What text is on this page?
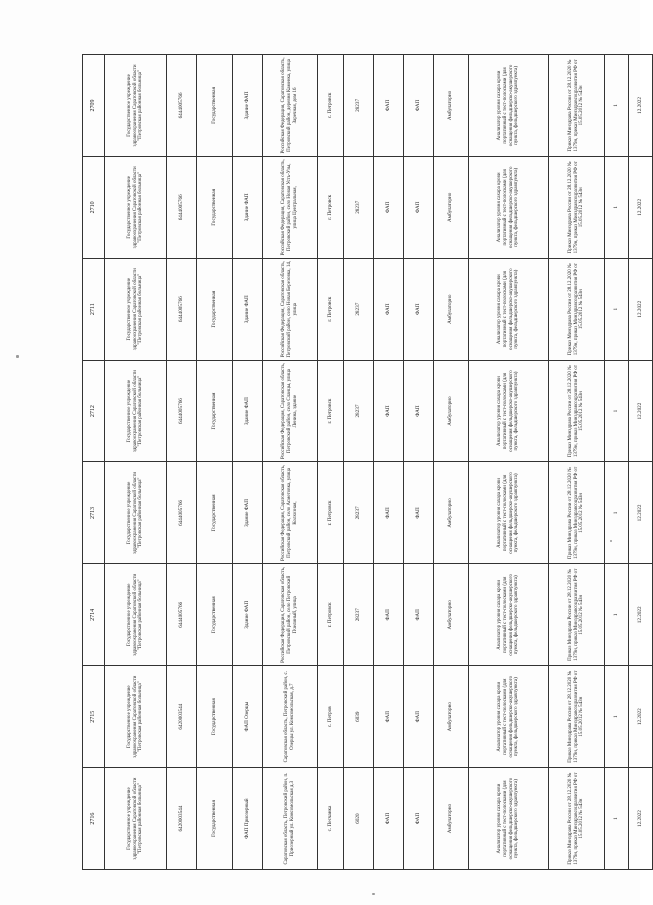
2716	2715	2714	2713	2712	2711	2710	2709
Государственное учреждение здравоохранения Саратовской области "Петровская районная больница"	Государственное учреждение здравоохранения Саратовской области "Петровская районная больница"	Государственное учреждение здравоохранения Саратовской области "Петровская районная больница"	Государственное учреждение здравоохранения Саратовской области "Петровская районная больница"	Государственное учреждение здравоохранения Саратовской области "Петровская районная больница"	Государственное учреждение здравоохранения Саратовской области "Петровская районная больница"	Государственное учреждение здравоохранения Саратовской области "Петровская районная больница"	Государственное учреждение здравоохранения Саратовской области "Петровская районная больница"
6420003544	6420003544	6444005766	6444005766	6444005766	6444005766	6444005766	6444005766
Государственная	Государственная	Государственная	Государственная	Государственная	Государственная	Государственная	Государственная
ФАП Приозерный	ФАП Озерцы	Здание ФАП	Здание ФАП	Здание ФАП	Здание ФАП	Здание ФАП	Здание ФАП
Саратовская область, Петровский район, п. Приозерный ул. Комсомольская д.3	Саратовская область, Петровский район, с. Озерцы ул. Комсомольская, д.7	Российская Федерация, Саратовская область, Петровский район, село Петровский Пчелиный, улица	Российская Федерация, Саратовская область, Петровский район, село Асметовка, улица Колхозная,	Российская Федерация, Саратовская область, Петровский район, село Сланцы, улица Ленина, здание	Российская Федерация, Саратовская область, Петровский район, село Новая Березовка, 14, улица	Российская Федерация, Саратовская область, Петровский район, село Новая Усть-Узы, улица Центральная,	Российская Федерация, Саратовская область, Петровский район, деревня Каменка, улица Заречная, дом 16
с. Песчанка	с. Петров	г. Петровск	г. Петровск	г. Петровск	г. Петровск	г. Петровск	с. Петровск
6020	6039	28237	28237	28237	28237	28237	28237
ФАП	ФАП	ФАП	ФАП	ФАП	ФАП	ФАП	ФАП
ФАП	ФАП	ФАП	ФАП	ФАП	ФАП	ФАП	ФАП
Амбулаторно	Амбулаторно	Амбулаторно	Амбулаторно	Амбулаторно	Амбулаторно	Амбулаторно	Амбулаторно
Анализатор уровня сахара крови портативный с тест-полосками (для оснащения фельдшерско-акушерского пункта, фельдшерского здравпункта)	Анализатор уровня сахара крови портативный с тест-полосками (для оснащения фельдшерско-акушерского пункта, фельдшерского здравпункта)	Анализатор уровня сахара крови портативный с тест-полосками (для оснащения фельдшерско-акушерского пункта, фельдшерского здравпункта)	Анализатор уровня сахара крови портативный с тест-полосками (для оснащения фельдшерско-акушерского пункта, фельдшерского здравпункта)	Анализатор уровня сахара крови портативный с тест-полосками (для оснащения фельдшерско-акушерского пункта, фельдшерского здравпункта)	Анализатор уровня сахара крови портативный с тест-полосками (для оснащения фельдшерско-акушерского пункта, фельдшерского здравпункта)	Анализатор уровня сахара крови портативный с тест-полосками (для оснащения фельдшерско-акушерского пункта, фельдшерского здравпункта)	Анализатор уровня сахара крови портативный с тест-полосками (для оснащения фельдшерско-акушерского пункта, фельдшерского здравпункта)
Приказ Минздрава России от 28.12.2020 № 1379н, приказ Минздравсоцразвития РФ от 15.05.2012 № 543н	Приказ Минздрава России от 28.12.2020 № 1379н, приказ Минздравсоцразвития РФ от 15.05.2012 № 543н	Приказ Минздрава России от 28.12.2020 № 1379н, приказ Минздравсоцразвития РФ от 15.05.2012 № 543н	Приказ Минздрава России от 28.12.2020 № 1379н, приказ Минздравсоцразвития РФ от 15.05.2012 № 543н	Приказ Минздрава России от 28.12.2020 № 1379н, приказ Минздравсоцразвития РФ от 15.05.2012 № 543н	Приказ Минздрава России от 28.12.2020 № 1379н, приказ Минздравсоцразвития РФ от 15.05.2012 № 543н	Приказ Минздрава России от 28.12.2020 № 1379н, приказ Минздравсоцразвития РФ от 15.05.2012 № 543н	Приказ Минздрава России от 28.12.2020 № 1379н, приказ Минздравсоцразвития РФ от 15.05.2012 № 543н
1	1	1	1	1	1	1	1
12.2022	12.2022	12.2022	12.2022	12.2022	12.2022	12.2022	12.2022
